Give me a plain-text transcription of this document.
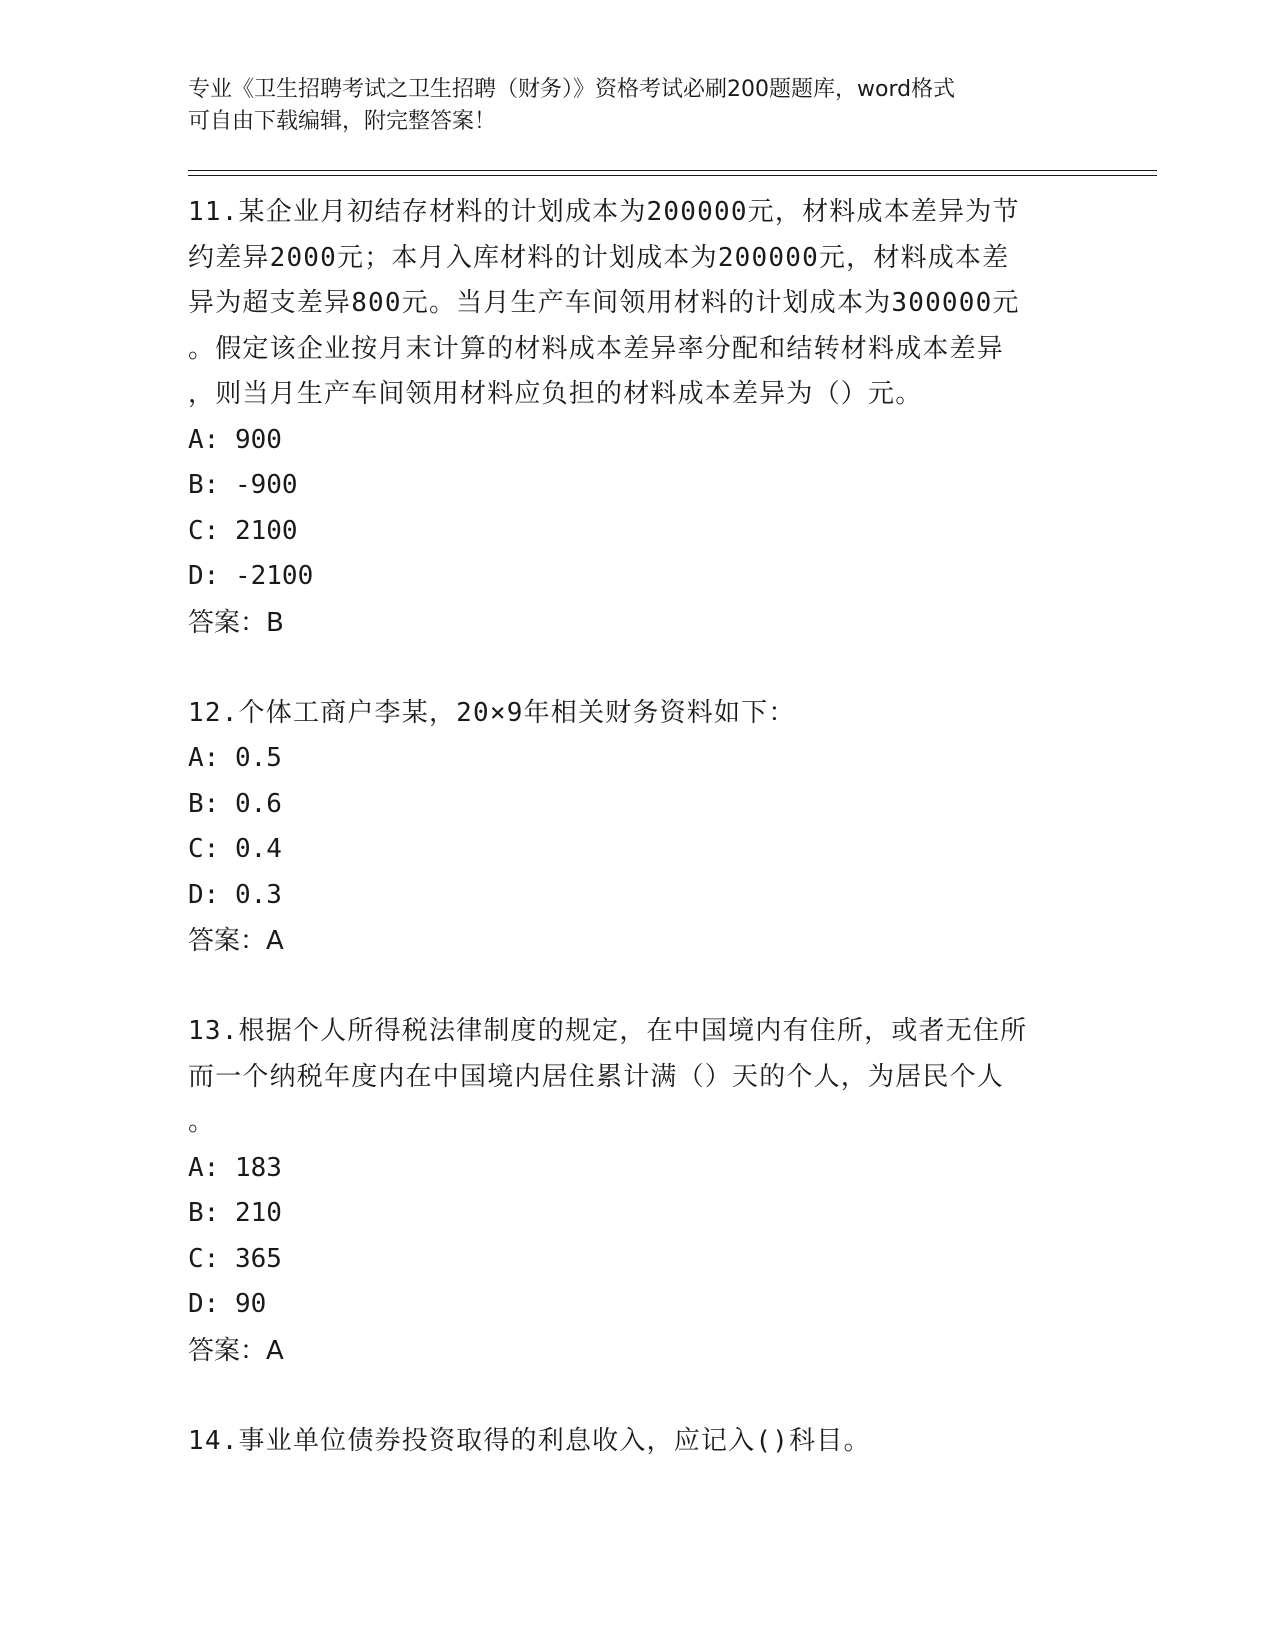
专业《卫生招聘考试之卫生招聘（财务）》资格考试必刷200题题库，word格式
可自由下载编辑，附完整答案！
11.某企业月初结存材料的计划成本为200000元，材料成本差异为节
约差异2000元；本月入库材料的计划成本为200000元，材料成本差
异为超支差异800元。当月生产车间领用材料的计划成本为300000元
。假定该企业按月末计算的材料成本差异率分配和结转材料成本差异
，则当月生产车间领用材料应负担的材料成本差异为（）元。
A: 900
B: -900
C: 2100
D: -2100
答案：B
12.个体工商户李某，20×9年相关财务资料如下：
A: 0.5
B: 0.6
C: 0.4
D: 0.3
答案：A
13.根据个人所得税法律制度的规定，在中国境内有住所，或者无住所
而一个纳税年度内在中国境内居住累计满（）天的个人，为居民个人
。
A: 183
B: 210
C: 365
D: 90
答案：A
14.事业单位债券投资取得的利息收入，应记入()科目。
